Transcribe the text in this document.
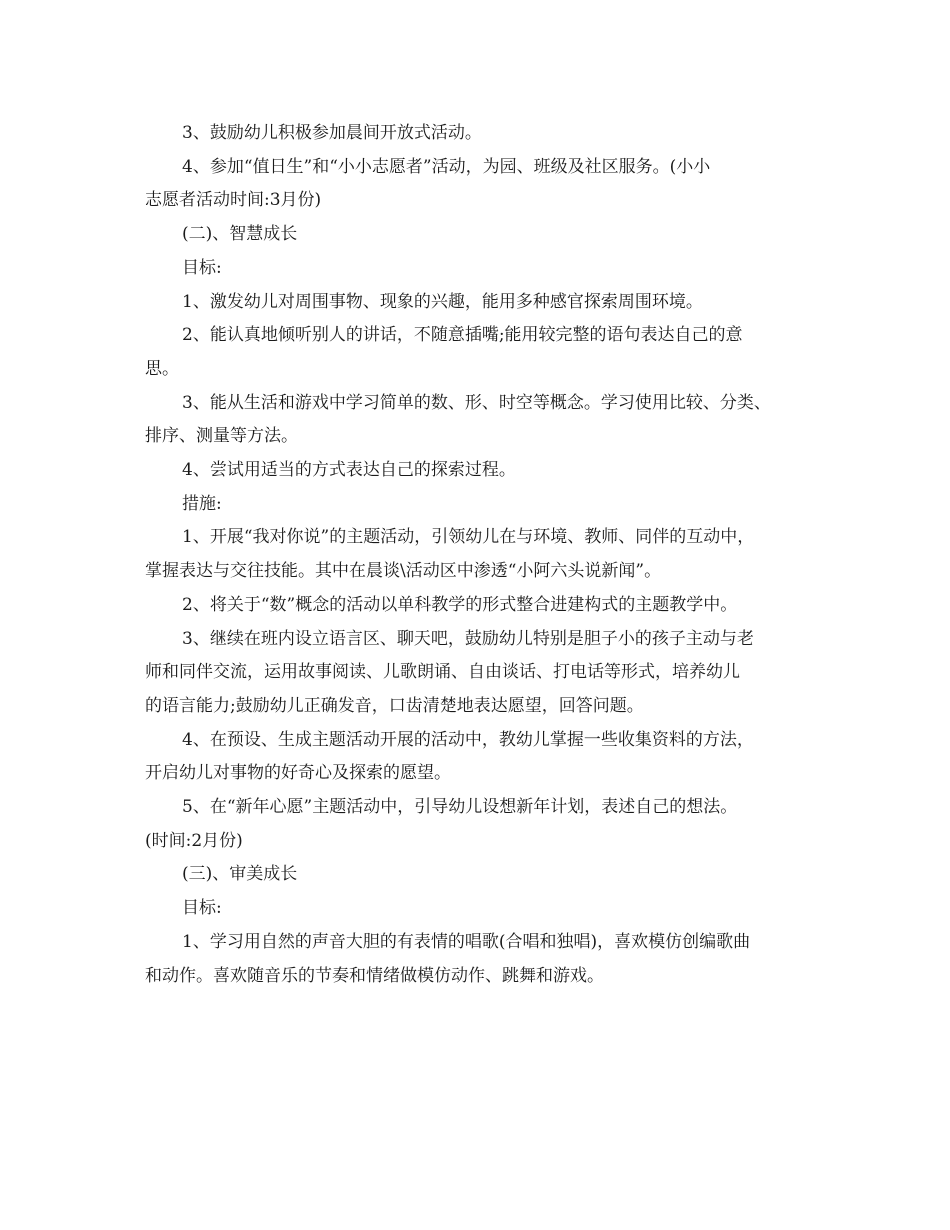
3、鼓励幼儿积极参加晨间开放式活动。

4、参加“值日生”和“小小志愿者”活动，为园、班级及社区服务。(小小

志愿者活动时间:3月份)

(二)、智慧成长

目标:

1、激发幼儿对周围事物、现象的兴趣，能用多种感官探索周围环境。

2、能认真地倾听别人的讲话，不随意插嘴;能用较完整的语句表达自己的意

思。

3、能从生活和游戏中学习简单的数、形、时空等概念。学习使用比较、分类、

排序、测量等方法。

4、尝试用适当的方式表达自己的探索过程。

措施:

1、开展“我对你说”的主题活动，引领幼儿在与环境、教师、同伴的互动中，

掌握表达与交往技能。其中在晨谈\活动区中渗透“小阿六头说新闻”。

2、将关于“数”概念的活动以单科教学的形式整合进建构式的主题教学中。

3、继续在班内设立语言区、聊天吧，鼓励幼儿特别是胆子小的孩子主动与老

师和同伴交流，运用故事阅读、儿歌朗诵、自由谈话、打电话等形式，培养幼儿

的语言能力;鼓励幼儿正确发音，口齿清楚地表达愿望，回答问题。

4、在预设、生成主题活动开展的活动中，教幼儿掌握一些收集资料的方法，

开启幼儿对事物的好奇心及探索的愿望。

5、在“新年心愿”主题活动中，引导幼儿设想新年计划，表述自己的想法。

(时间:2月份)

(三)、审美成长

目标:

1、学习用自然的声音大胆的有表情的唱歌(合唱和独唱)，喜欢模仿创编歌曲

和动作。喜欢随音乐的节奏和情绪做模仿动作、跳舞和游戏。
